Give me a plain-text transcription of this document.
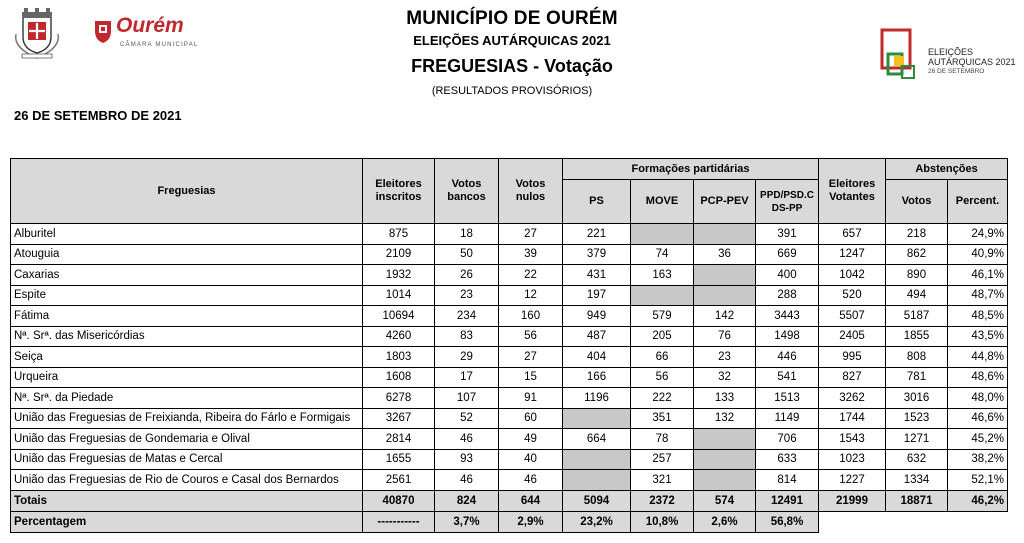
Ourém
CÂMARA MUNICIPAL
MUNICÍPIO DE OURÉM
ELEIÇÕES AUTÁRQUICAS 2021
FREGUESIAS - Votação
(RESULTADOS PROVISÓRIOS)
26 DE SETEMBRO DE 2021
ELEIÇÕES
AUTÁRQUICAS 2021
26 DE SETEMBRO
Freguesias	Eleitores inscritos	Votos bancos	Votos nulos	Formações partidárias				Eleitores Votantes	Abstenções	
				PS	MOVE	PCP-PEV	PPD/PSD.C DS-PP		Votos	Percent.
Alburitel	875	18	27	221			391	657	218	24,9%
Atouguia	2109	50	39	379	74	36	669	1247	862	40,9%
Caxarias	1932	26	22	431	163		400	1042	890	46,1%
Espite	1014	23	12	197			288	520	494	48,7%
Fátima	10694	234	160	949	579	142	3443	5507	5187	48,5%
Nª. Srª. das Misericórdias	4260	83	56	487	205	76	1498	2405	1855	43,5%
Seiça	1803	29	27	404	66	23	446	995	808	44,8%
Urqueira	1608	17	15	166	56	32	541	827	781	48,6%
Nª. Srª. da Piedade	6278	107	91	1196	222	133	1513	3262	3016	48,0%
União das Freguesias de Freixianda, Ribeira do Fárlo e Formigais	3267	52	60		351	132	1149	1744	1523	46,6%
União das Freguesias de Gondemaria e Olival	2814	46	49	664	78		706	1543	1271	45,2%
União das Freguesias de Matas e Cercal	1655	93	40		257		633	1023	632	38,2%
União das Freguesias de Rio de Couros e Casal dos Bernardos	2561	46	46		321		814	1227	1334	52,1%
Totais	40870	824	644	5094	2372	574	12491	21999	18871	46,2%
Percentagem	-----------	3,7%	2,9%	23,2%	10,8%	2,6%	56,8%			
